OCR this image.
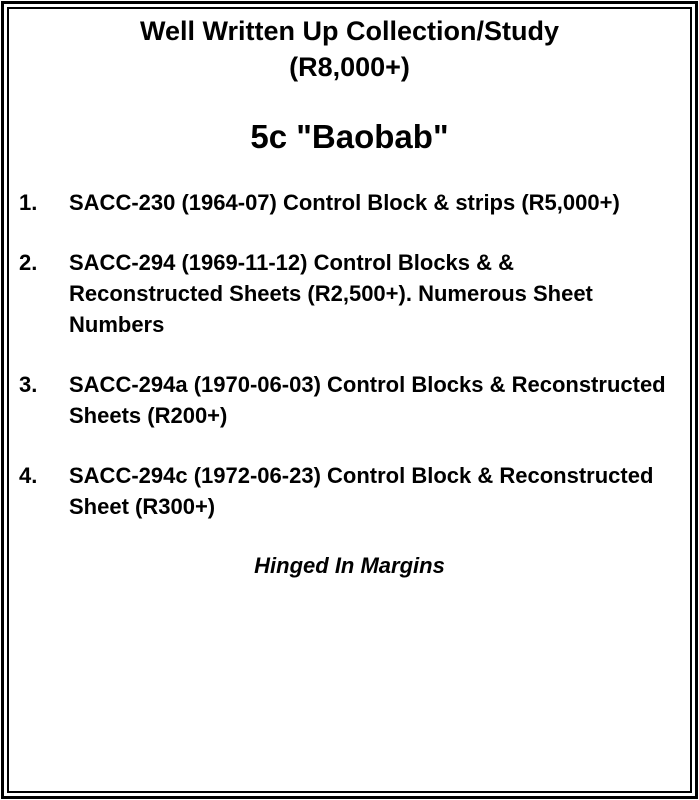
Well Written Up Collection/Study
(R8,000+)
5c "Baobab"
1.	SACC-230 (1964-07) Control Block & strips (R5,000+)
2.	SACC-294 (1969-11-12) Control Blocks & & Reconstructed Sheets (R2,500+). Numerous Sheet Numbers
3.	SACC-294a (1970-06-03) Control Blocks & Reconstructed Sheets (R200+)
4.	SACC-294c (1972-06-23) Control Block & Reconstructed Sheet (R300+)
Hinged In Margins
